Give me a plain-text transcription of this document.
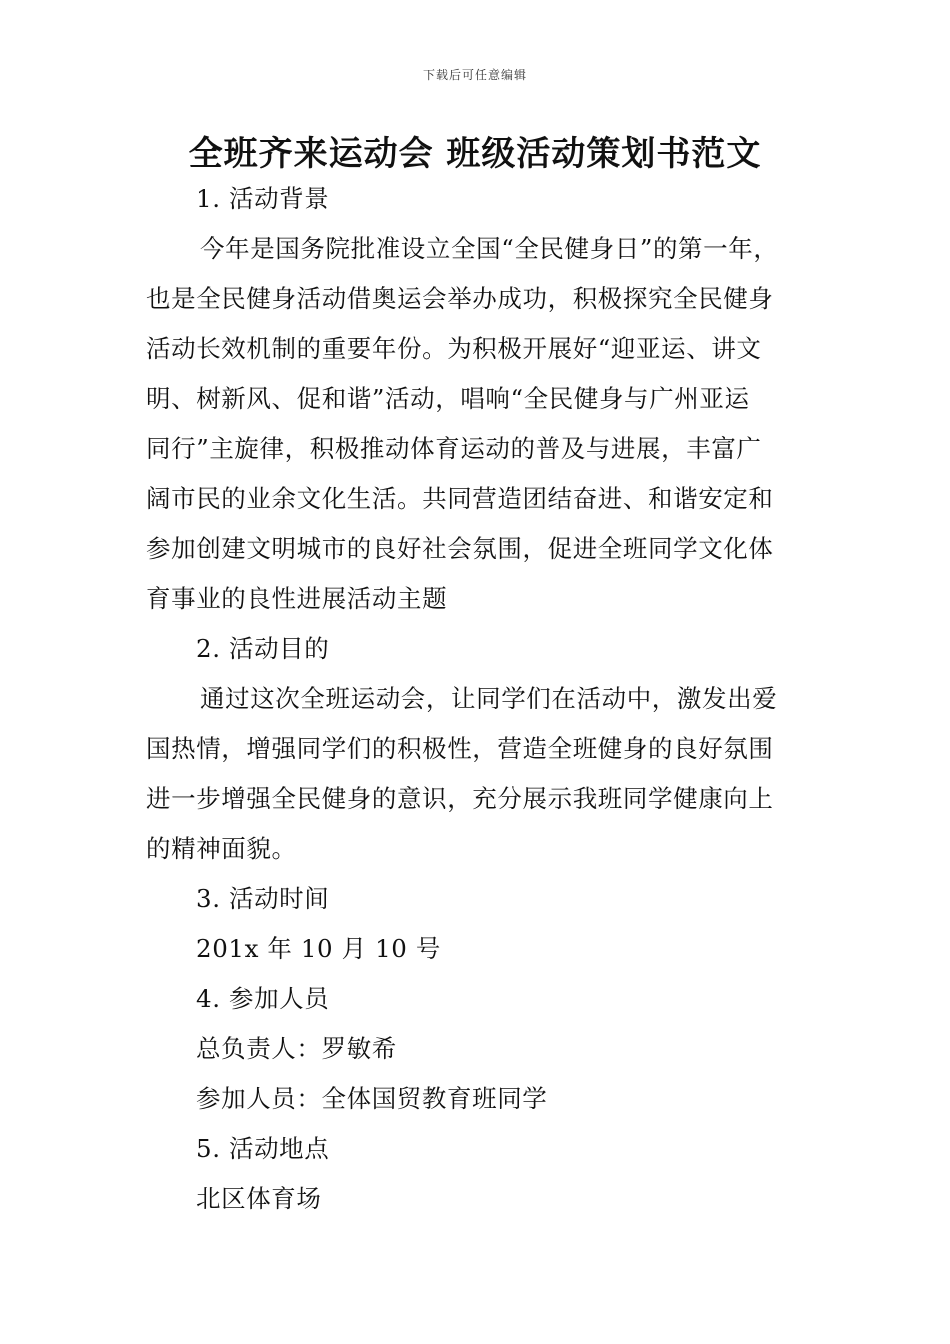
下载后可任意编辑
全班齐来运动会 班级活动策划书范文
1. 活动背景
今年是国务院批准设立全国“全民健身日”的第一年，
也是全民健身活动借奥运会举办成功，积极探究全民健身
活动长效机制的重要年份。为积极开展好“迎亚运、讲文
明、树新风、促和谐”活动，唱响“全民健身与广州亚运
同行”主旋律，积极推动体育运动的普及与进展，丰富广
阔市民的业余文化生活。共同营造团结奋进、和谐安定和
参加创建文明城市的良好社会氛围，促进全班同学文化体
育事业的良性进展活动主题
2. 活动目的
通过这次全班运动会，让同学们在活动中，激发出爱
国热情，增强同学们的积极性，营造全班健身的良好氛围
进一步增强全民健身的意识，充分展示我班同学健康向上
的精神面貌。
3. 活动时间
201x 年 10 月 10 号
4. 参加人员
总负责人：罗敏希
参加人员：全体国贸教育班同学
5. 活动地点
北区体育场
